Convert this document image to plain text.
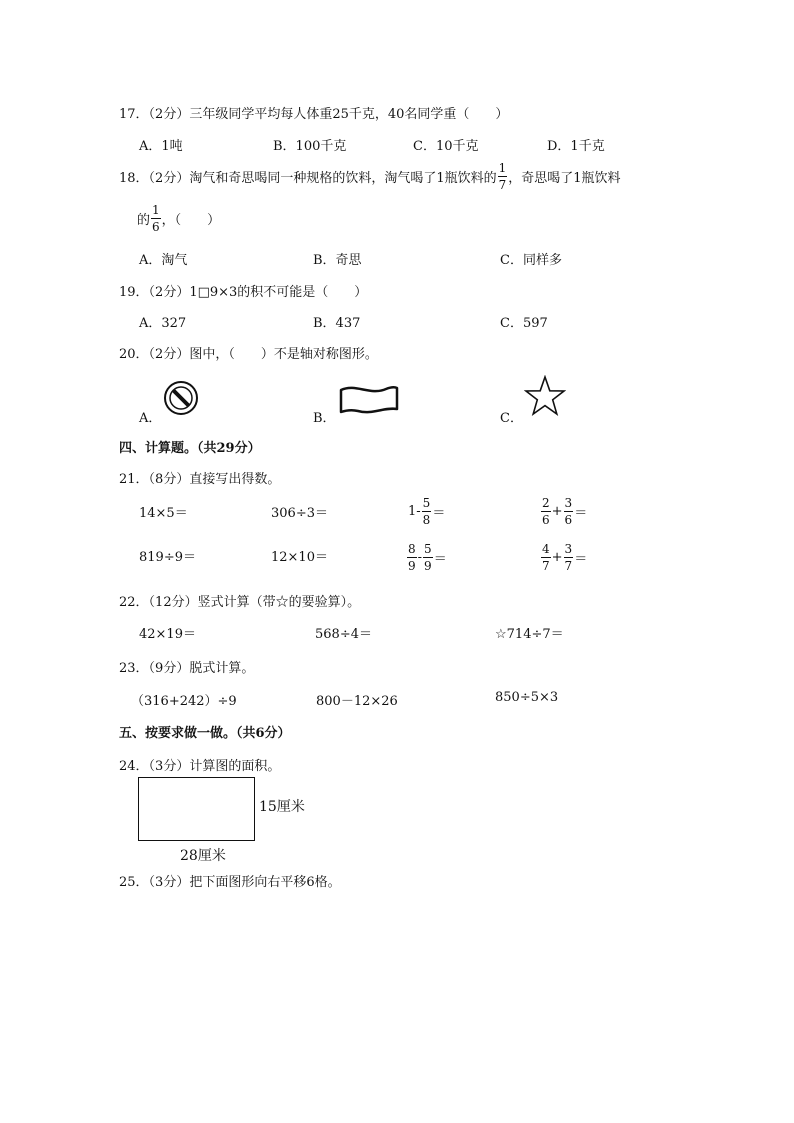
17．（2分）三年级同学平均每人体重25千克，40名同学重（　　）
A．1吨	B．100千克	C．10千克	D．1千克
18．（2分）淘气和奇思喝同一种规格的饮料，淘气喝了1瓶饮料的 $\frac{1}{7}$ ，奇思喝了1瓶饮料
的 $\frac{1}{6}$ ，（　　）
A．淘气	B．奇思	C．同样多
19．（2分）1□9×3的积不可能是（　　）
A．327	B．437	C．597
20．（2分）图中，（　　）不是轴对称图形。
A．	B．	C．
四、计算题。（共29分）
21．（8分）直接写出得数。
14×5＝	306÷3＝	$1- \frac{5}{8}$ ＝	$\frac{2}{6} + \frac{3}{6}$ ＝
819÷9＝	12×10＝	$\frac{8}{9} - \frac{5}{9}$ ＝	$\frac{4}{7} + \frac{3}{7}$ ＝
22．（12分）竖式计算（带☆的要验算）。
42×19＝	568÷4＝	☆714÷7＝
23．（9分）脱式计算。
（316+242）÷9	800－12×26	850÷5×3
五、按要求做一做。（共6分）
24．（3分）计算图的面积。
15厘米
28厘米
25．（3分）把下面图形向右平移6格。
